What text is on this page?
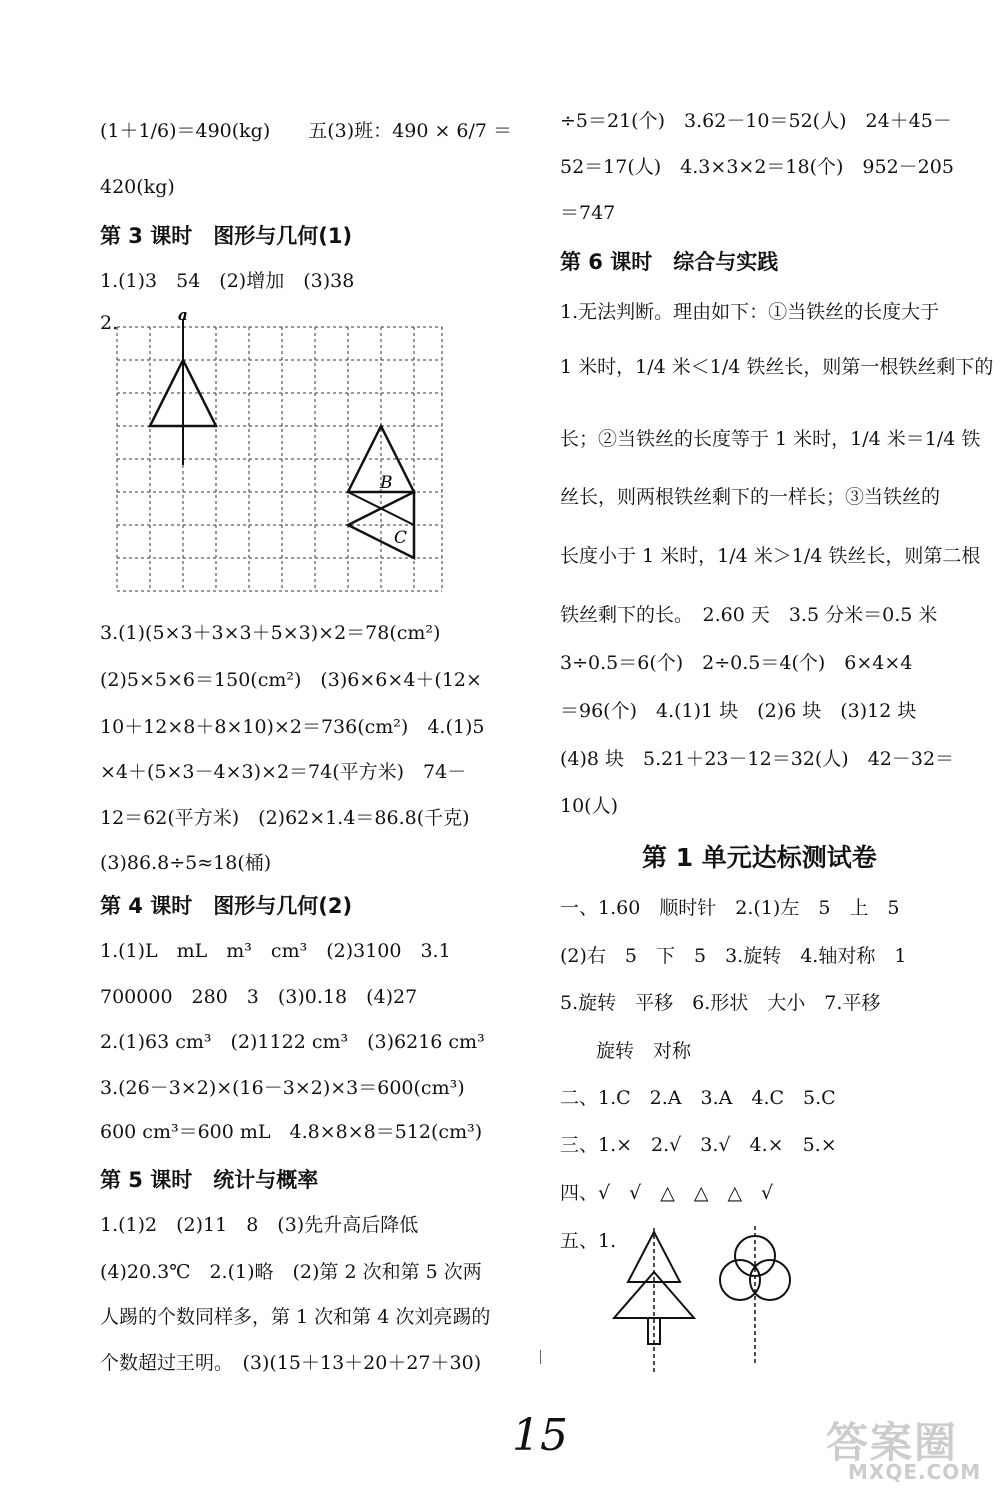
(1＋1/6)＝490(kg)　　五(3)班：490 × 6/7 ＝
420(kg)
第 3 课时　图形与几何(1)
1.(1)3　54　(2)增加　(3)38
2.	a
B
C
3.(1)(5×3＋3×3＋5×3)×2＝78(cm²)
(2)5×5×6＝150(cm²)　(3)6×6×4＋(12×
10＋12×8＋8×10)×2＝736(cm²)　4.(1)5
×4＋(5×3－4×3)×2＝74(平方米)　74－
12＝62(平方米)　(2)62×1.4＝86.8(千克)
(3)86.8÷5≈18(桶)
第 4 课时　图形与几何(2)
1.(1)L　mL　m³　cm³　(2)3100　3.1
700000　280　3　(3)0.18　(4)27
2.(1)63 cm³　(2)1122 cm³　(3)6216 cm³
3.(26－3×2)×(16－3×2)×3＝600(cm³)
600 cm³＝600 mL　4.8×8×8＝512(cm³)
第 5 课时　统计与概率
1.(1)2　(2)11　8　(3)先升高后降低
(4)20.3℃　2.(1)略　(2)第 2 次和第 5 次两
人踢的个数同样多，第 1 次和第 4 次刘亮踢的
个数超过王明。　(3)(15＋13＋20＋27＋30)
÷5＝21(个)　3.62－10＝52(人)　24＋45－
52＝17(人)　4.3×3×2＝18(个)　952－205
＝747
第 6 课时　综合与实践
1.无法判断。理由如下：①当铁丝的长度大于
1 米时，1/4 米＜1/4 铁丝长，则第一根铁丝剩下的
长；②当铁丝的长度等于 1 米时，1/4 米＝1/4 铁
丝长，则两根铁丝剩下的一样长；③当铁丝的
长度小于 1 米时，1/4 米＞1/4 铁丝长，则第二根
铁丝剩下的长。　2.60 天　3.5 分米＝0.5 米
3÷0.5＝6(个)　2÷0.5＝4(个)　6×4×4
＝96(个)　4.(1)1 块　(2)6 块　(3)12 块
(4)8 块　5.21＋23－12＝32(人)　42－32＝
10(人)
第 1 单元达标测试卷
一、1.60　顺时针　2.(1)左　5　上　5
(2)右　5　下　5　3.旋转　4.轴对称　1
5.旋转　平移　6.形状　大小　7.平移
旋转　对称
二、1.C　2.A　3.A　4.C　5.C
三、1.×　2.√　3.√　4.×　5.×
四、√　√　△　△　△　√
五、1.
15	答案圈
MXQE.COM
